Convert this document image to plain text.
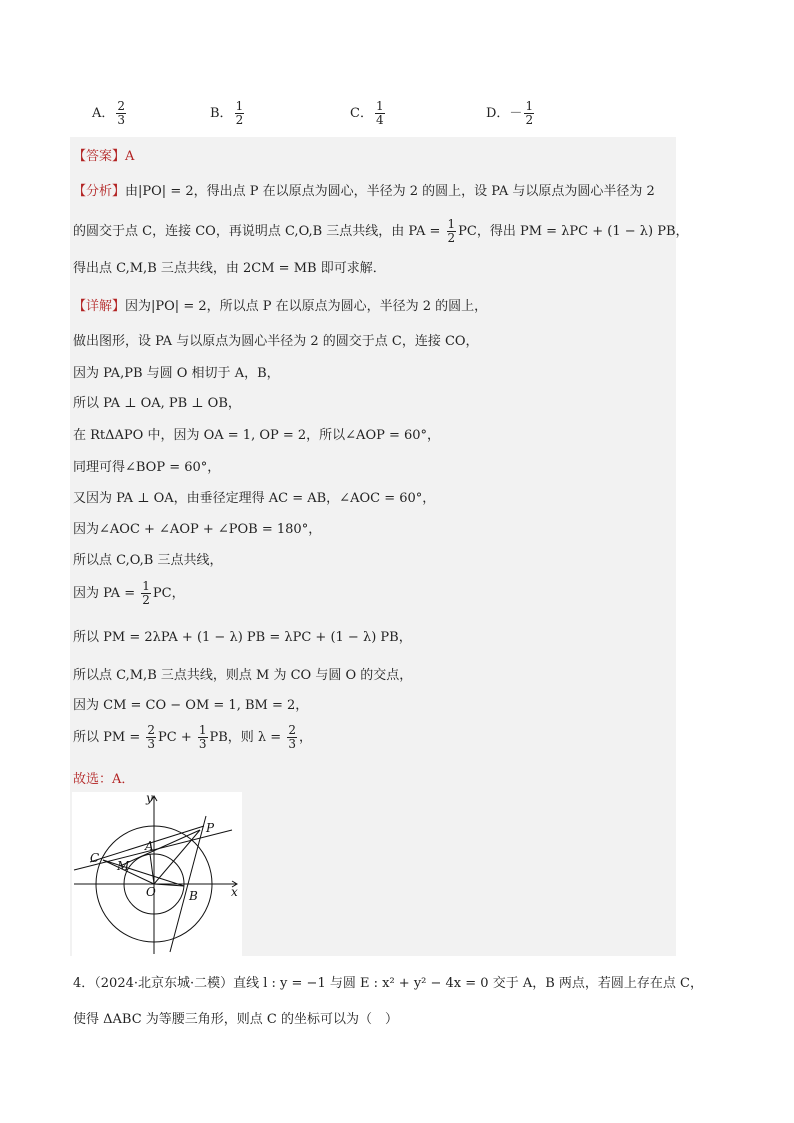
A． $\frac{2}{3}$	B． $\frac{1}{2}$	C． $\frac{1}{4}$	D．－ $\frac{1}{2}$
【答案】A
【分析】由|PO| = 2，得出点 P 在以原点为圆心，半径为 2 的圆上，设 PA 与以原点为圆心半径为 2
的圆交于点 C，连接 CO，再说明点 C,O,B 三点共线，由 PA = $\frac{1}{2}$ PC，得出 PM = λPC + (1 − λ) PB，
得出点 C,M,B 三点共线，由 2CM = MB 即可求解．
【详解】因为|PO| = 2，所以点 P 在以原点为圆心，半径为 2 的圆上，
做出图形，设 PA 与以原点为圆心半径为 2 的圆交于点 C，连接 CO，
因为 PA,PB 与圆 O 相切于 A，B，
所以 PA ⊥ OA, PB ⊥ OB，
在 RtΔAPO 中，因为 OA = 1, OP = 2，所以∠AOP = 60°，
同理可得∠BOP = 60°，
又因为 PA ⊥ OA，由垂径定理得 AC = AB，∠AOC = 60°，
因为∠AOC + ∠AOP + ∠POB = 180°，
所以点 C,O,B 三点共线，
因为 PA = $\frac{1}{2}$ PC，
所以 PM = 2λPA + (1 − λ) PB = λPC + (1 − λ) PB，
所以点 C,M,B 三点共线，则点 M 为 CO 与圆 O 的交点，
因为 CM = CO − OM = 1, BM = 2，
所以 PM = $\frac{2}{3}$ PC + $\frac{1}{3}$ PB，则 $\lambda = \frac{2}{3}$ ，
故选：A．
y
x
P
A
C
M
O	B
4．（2024·北京东城·二模）直线 l : y = −1 与圆 E : x² + y² − 4x = 0 交于 A，B 两点，若圆上存在点 C，
使得 ΔABC 为等腰三角形，则点 C 的坐标可以为（　）
